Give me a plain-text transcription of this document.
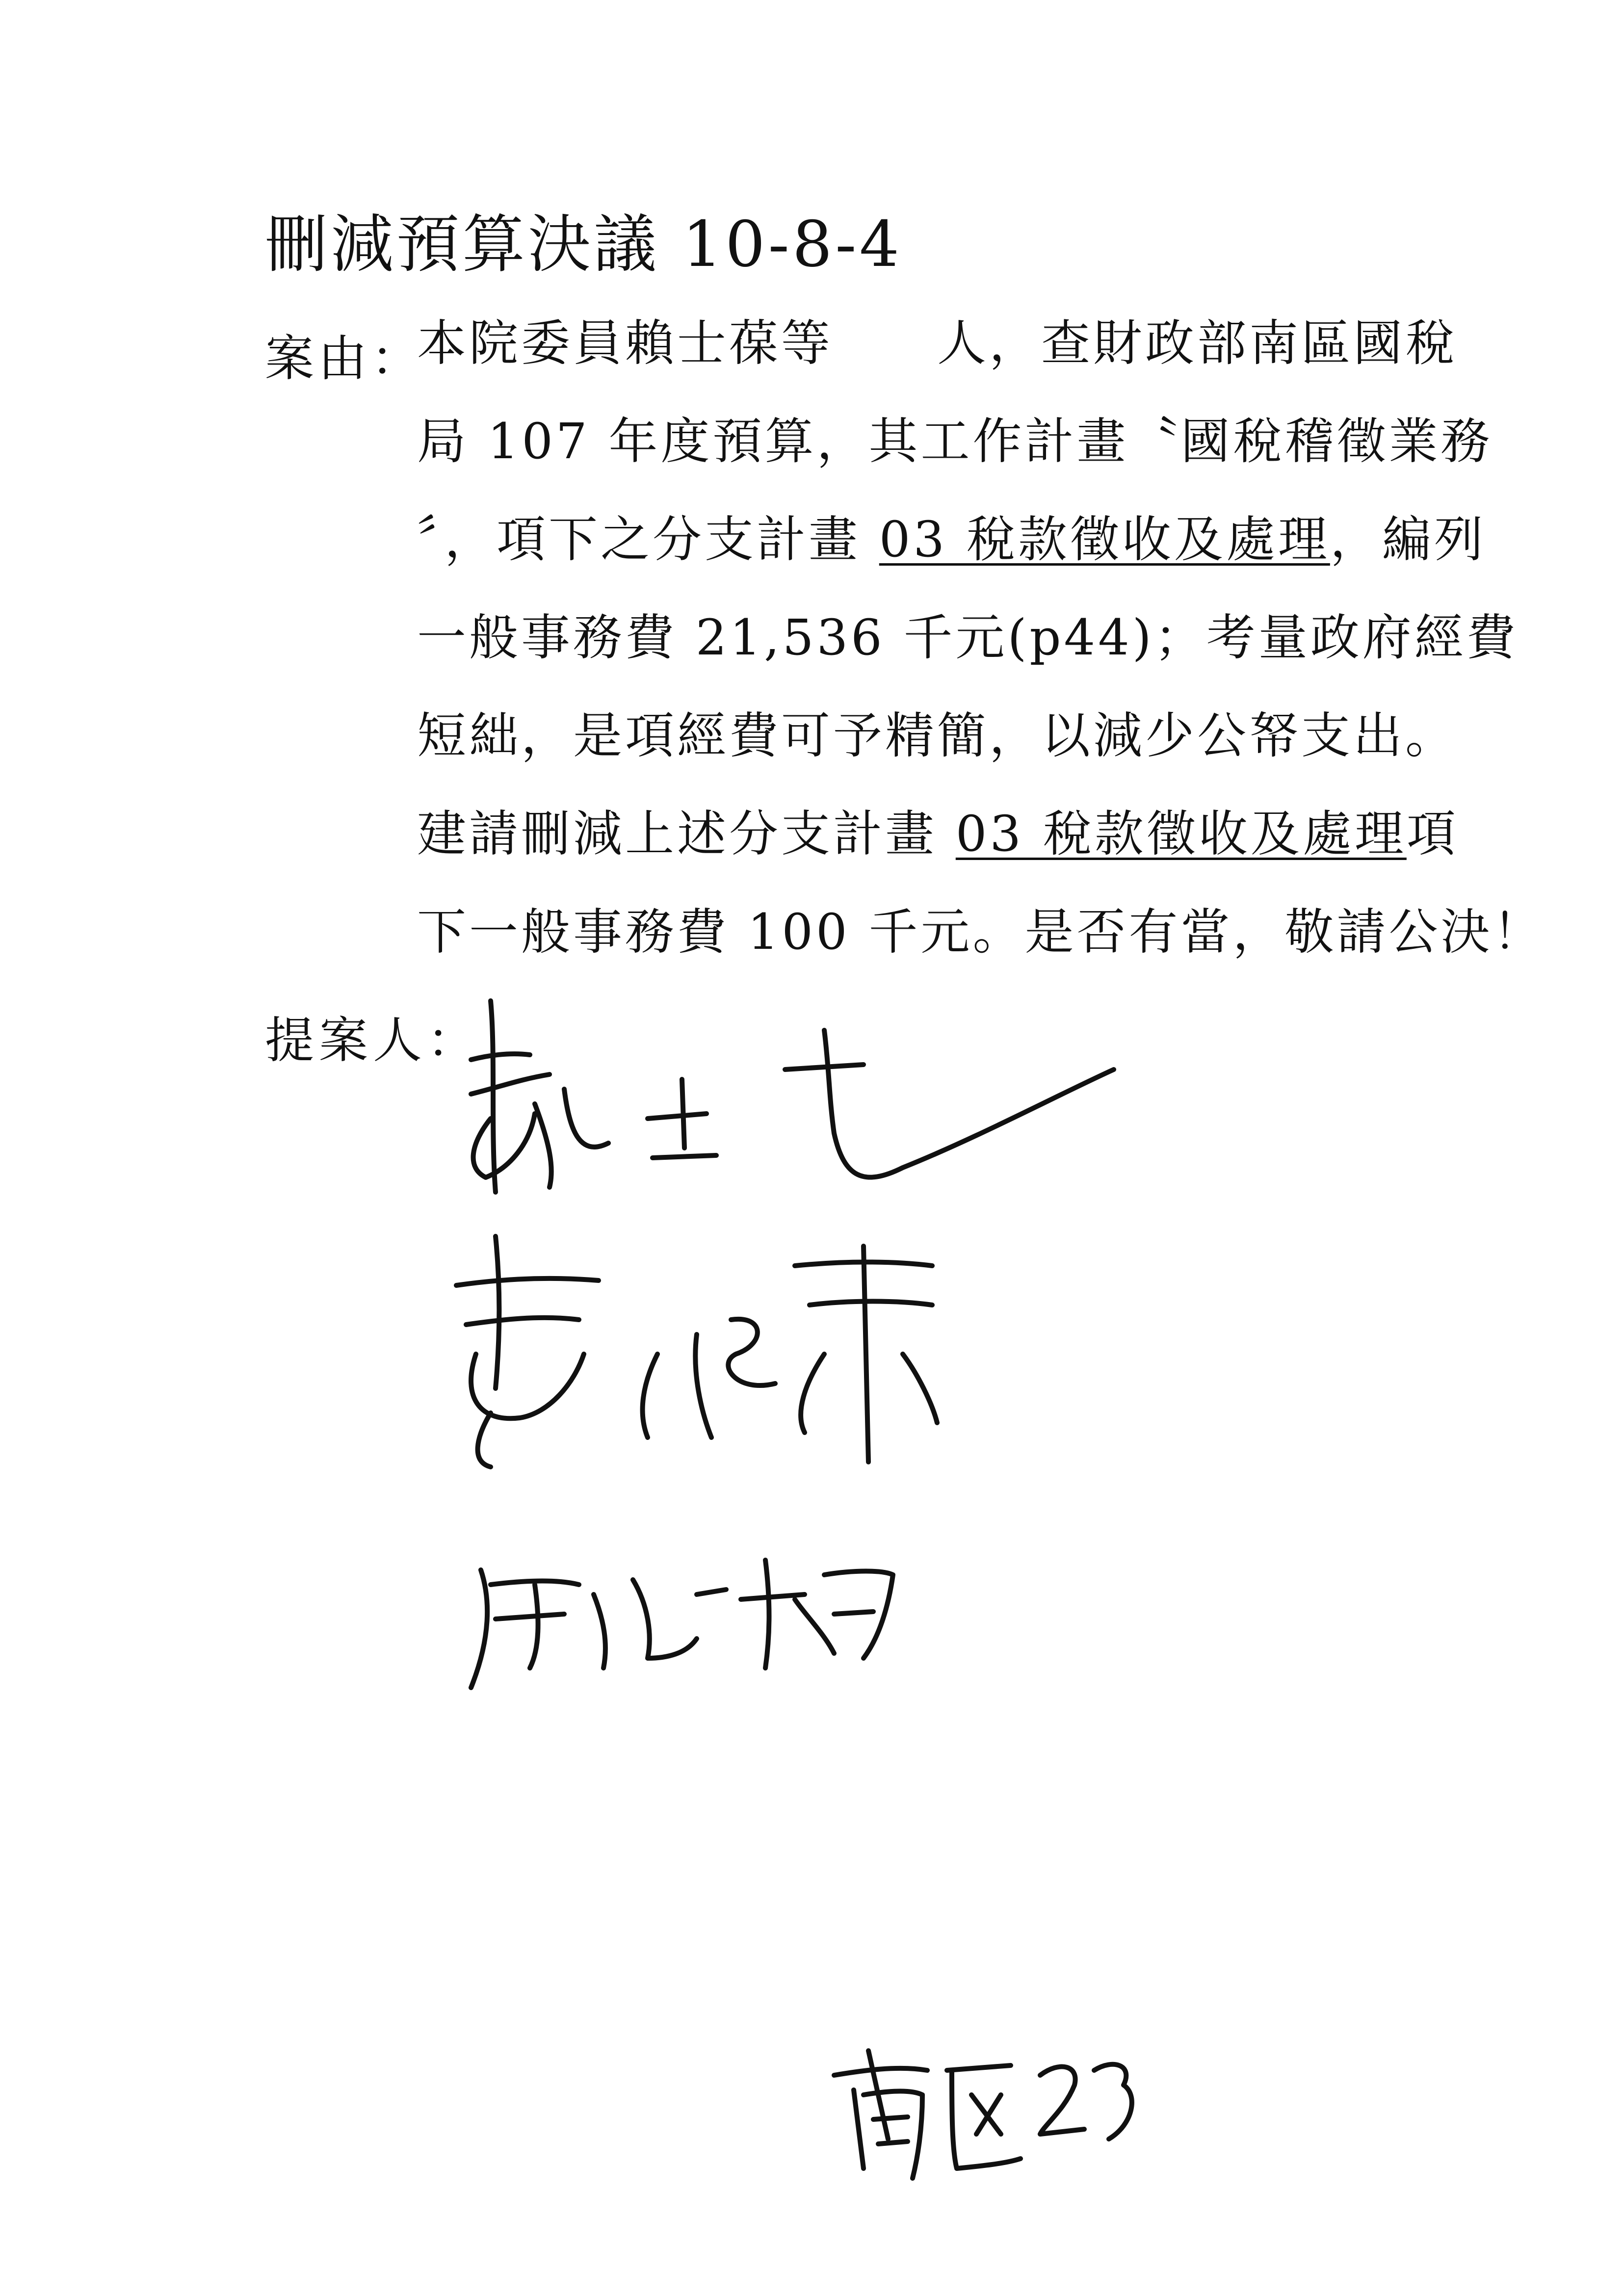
刪減預算決議 10-8-4
案由：
本院委員賴士葆等　　人，查財政部南區國稅
局 107 年度預算，其工作計畫〝國稅稽徵業務
〞，項下之分支計畫 03 稅款徵收及處理，編列
一般事務費 21,536 千元(p44)；考量政府經費
短絀，是項經費可予精簡，以減少公帑支出。
建請刪減上述分支計畫 03 稅款徵收及處理項
下一般事務費 100 千元。是否有當，敬請公決！
提案人：
